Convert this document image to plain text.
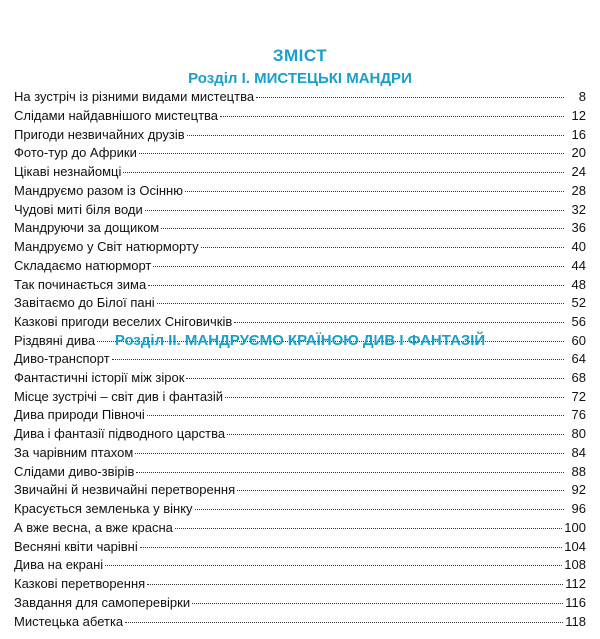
ЗМІСТ
Розділ І. МИСТЕЦЬКІ МАНДРИ
На зустріч із різними видами мистецтва	8
Слідами найдавнішого мистецтва	12
Пригоди незвичайних друзів	16
Фото-тур до Африки	20
Цікаві незнайомці	24
Мандруємо разом із Осінню	28
Чудові миті біля води	32
Мандруючи за дощиком	36
Мандруємо у Світ натюрморту	40
Складаємо натюрморт	44
Так починається зима	48
Завітаємо до Білої пані	52
Казкові пригоди веселих Сніговичків	56
Різдвяні дива	60
Розділ ІІ. МАНДРУЄМО КРАЇНОЮ ДИВ І ФАНТАЗІЙ
Диво-транспорт	64
Фантастичні історії між зірок	68
Місце зустрічі – світ див і фантазій	72
Дива природи Півночі	76
Дива і фантазії підводного царства	80
За чарівним птахом	84
Слідами диво-звірів	88
Звичайні й незвичайні перетворення	92
Красується земленька у вінку	96
А вже весна, а вже красна	100
Весняні квіти чарівні	104
Дива на екрані	108
Казкові перетворення	112
Завдання для самоперевірки	116
Мистецька абетка	118
